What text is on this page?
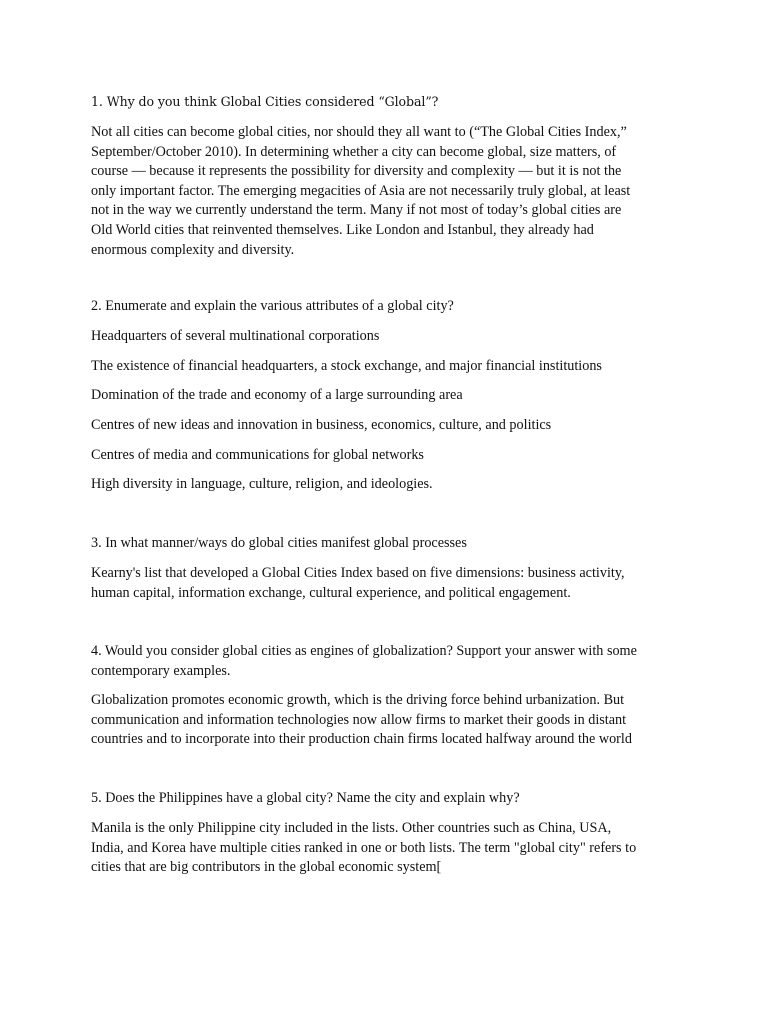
1. Why do you think Global Cities considered “Global”?
Not all cities can become global cities, nor should they all want to (“The Global Cities Index,”
September/October 2010). In determining whether a city can become global, size matters, of
course — because it represents the possibility for diversity and complexity — but it is not the
only important factor. The emerging megacities of Asia are not necessarily truly global, at least
not in the way we currently understand the term. Many if not most of today’s global cities are
Old World cities that reinvented themselves. Like London and Istanbul, they already had
enormous complexity and diversity.
2. Enumerate and explain the various attributes of a global city?
Headquarters of several multinational corporations
The existence of financial headquarters, a stock exchange, and major financial institutions
Domination of the trade and economy of a large surrounding area
Centres of new ideas and innovation in business, economics, culture, and politics
Centres of media and communications for global networks
High diversity in language, culture, religion, and ideologies.
3. In what manner/ways do global cities manifest global processes
Kearny's list that developed a Global Cities Index based on five dimensions: business activity,
human capital, information exchange, cultural experience, and political engagement.
4. Would you consider global cities as engines of globalization? Support your answer with some
contemporary examples.
Globalization promotes economic growth, which is the driving force behind urbanization. But
communication and information technologies now allow firms to market their goods in distant
countries and to incorporate into their production chain firms located halfway around the world
5. Does the Philippines have a global city? Name the city and explain why?
Manila is the only Philippine city included in the lists. Other countries such as China, USA,
India, and Korea have multiple cities ranked in one or both lists. The term "global city" refers to
cities that are big contributors in the global economic system[
